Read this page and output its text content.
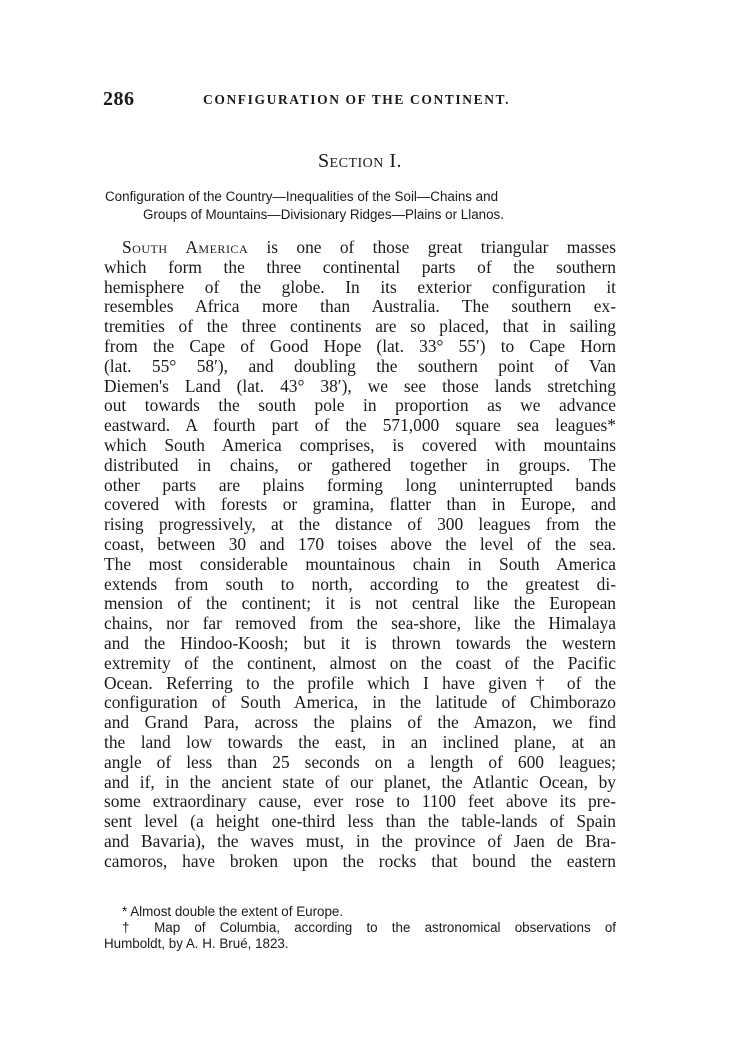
286	CONFIGURATION OF THE CONTINENT.
Section I.
Configuration of the Country—Inequalities of the Soil—Chains and
Groups of Mountains—Divisionary Ridges—Plains or Llanos.
South America is one of those great triangular masses
which form the three continental parts of the southern
hemisphere of the globe. In its exterior configuration it
resembles Africa more than Australia. The southern ex-
tremities of the three continents are so placed, that in sailing
from the Cape of Good Hope (lat. 33° 55′) to Cape Horn
(lat. 55° 58′), and doubling the southern point of Van
Diemen's Land (lat. 43° 38′), we see those lands stretching
out towards the south pole in proportion as we advance
eastward. A fourth part of the 571,000 square sea leagues*
which South America comprises, is covered with mountains
distributed in chains, or gathered together in groups. The
other parts are plains forming long uninterrupted bands
covered with forests or gramina, flatter than in Europe, and
rising progressively, at the distance of 300 leagues from the
coast, between 30 and 170 toises above the level of the sea.
The most considerable mountainous chain in South America
extends from south to north, according to the greatest di-
mension of the continent; it is not central like the European
chains, nor far removed from the sea-shore, like the Himalaya
and the Hindoo-Koosh; but it is thrown towards the western
extremity of the continent, almost on the coast of the Pacific
Ocean. Referring to the profile which I have given† of the
configuration of South America, in the latitude of Chimborazo
and Grand Para, across the plains of the Amazon, we find
the land low towards the east, in an inclined plane, at an
angle of less than 25 seconds on a length of 600 leagues;
and if, in the ancient state of our planet, the Atlantic Ocean, by
some extraordinary cause, ever rose to 1100 feet above its pre-
sent level (a height one-third less than the table-lands of Spain
and Bavaria), the waves must, in the province of Jaen de Bra-
camoros, have broken upon the rocks that bound the eastern
* Almost double the extent of Europe.
† Map of Columbia, according to the astronomical observations of
Humboldt, by A. H. Brué, 1823.
